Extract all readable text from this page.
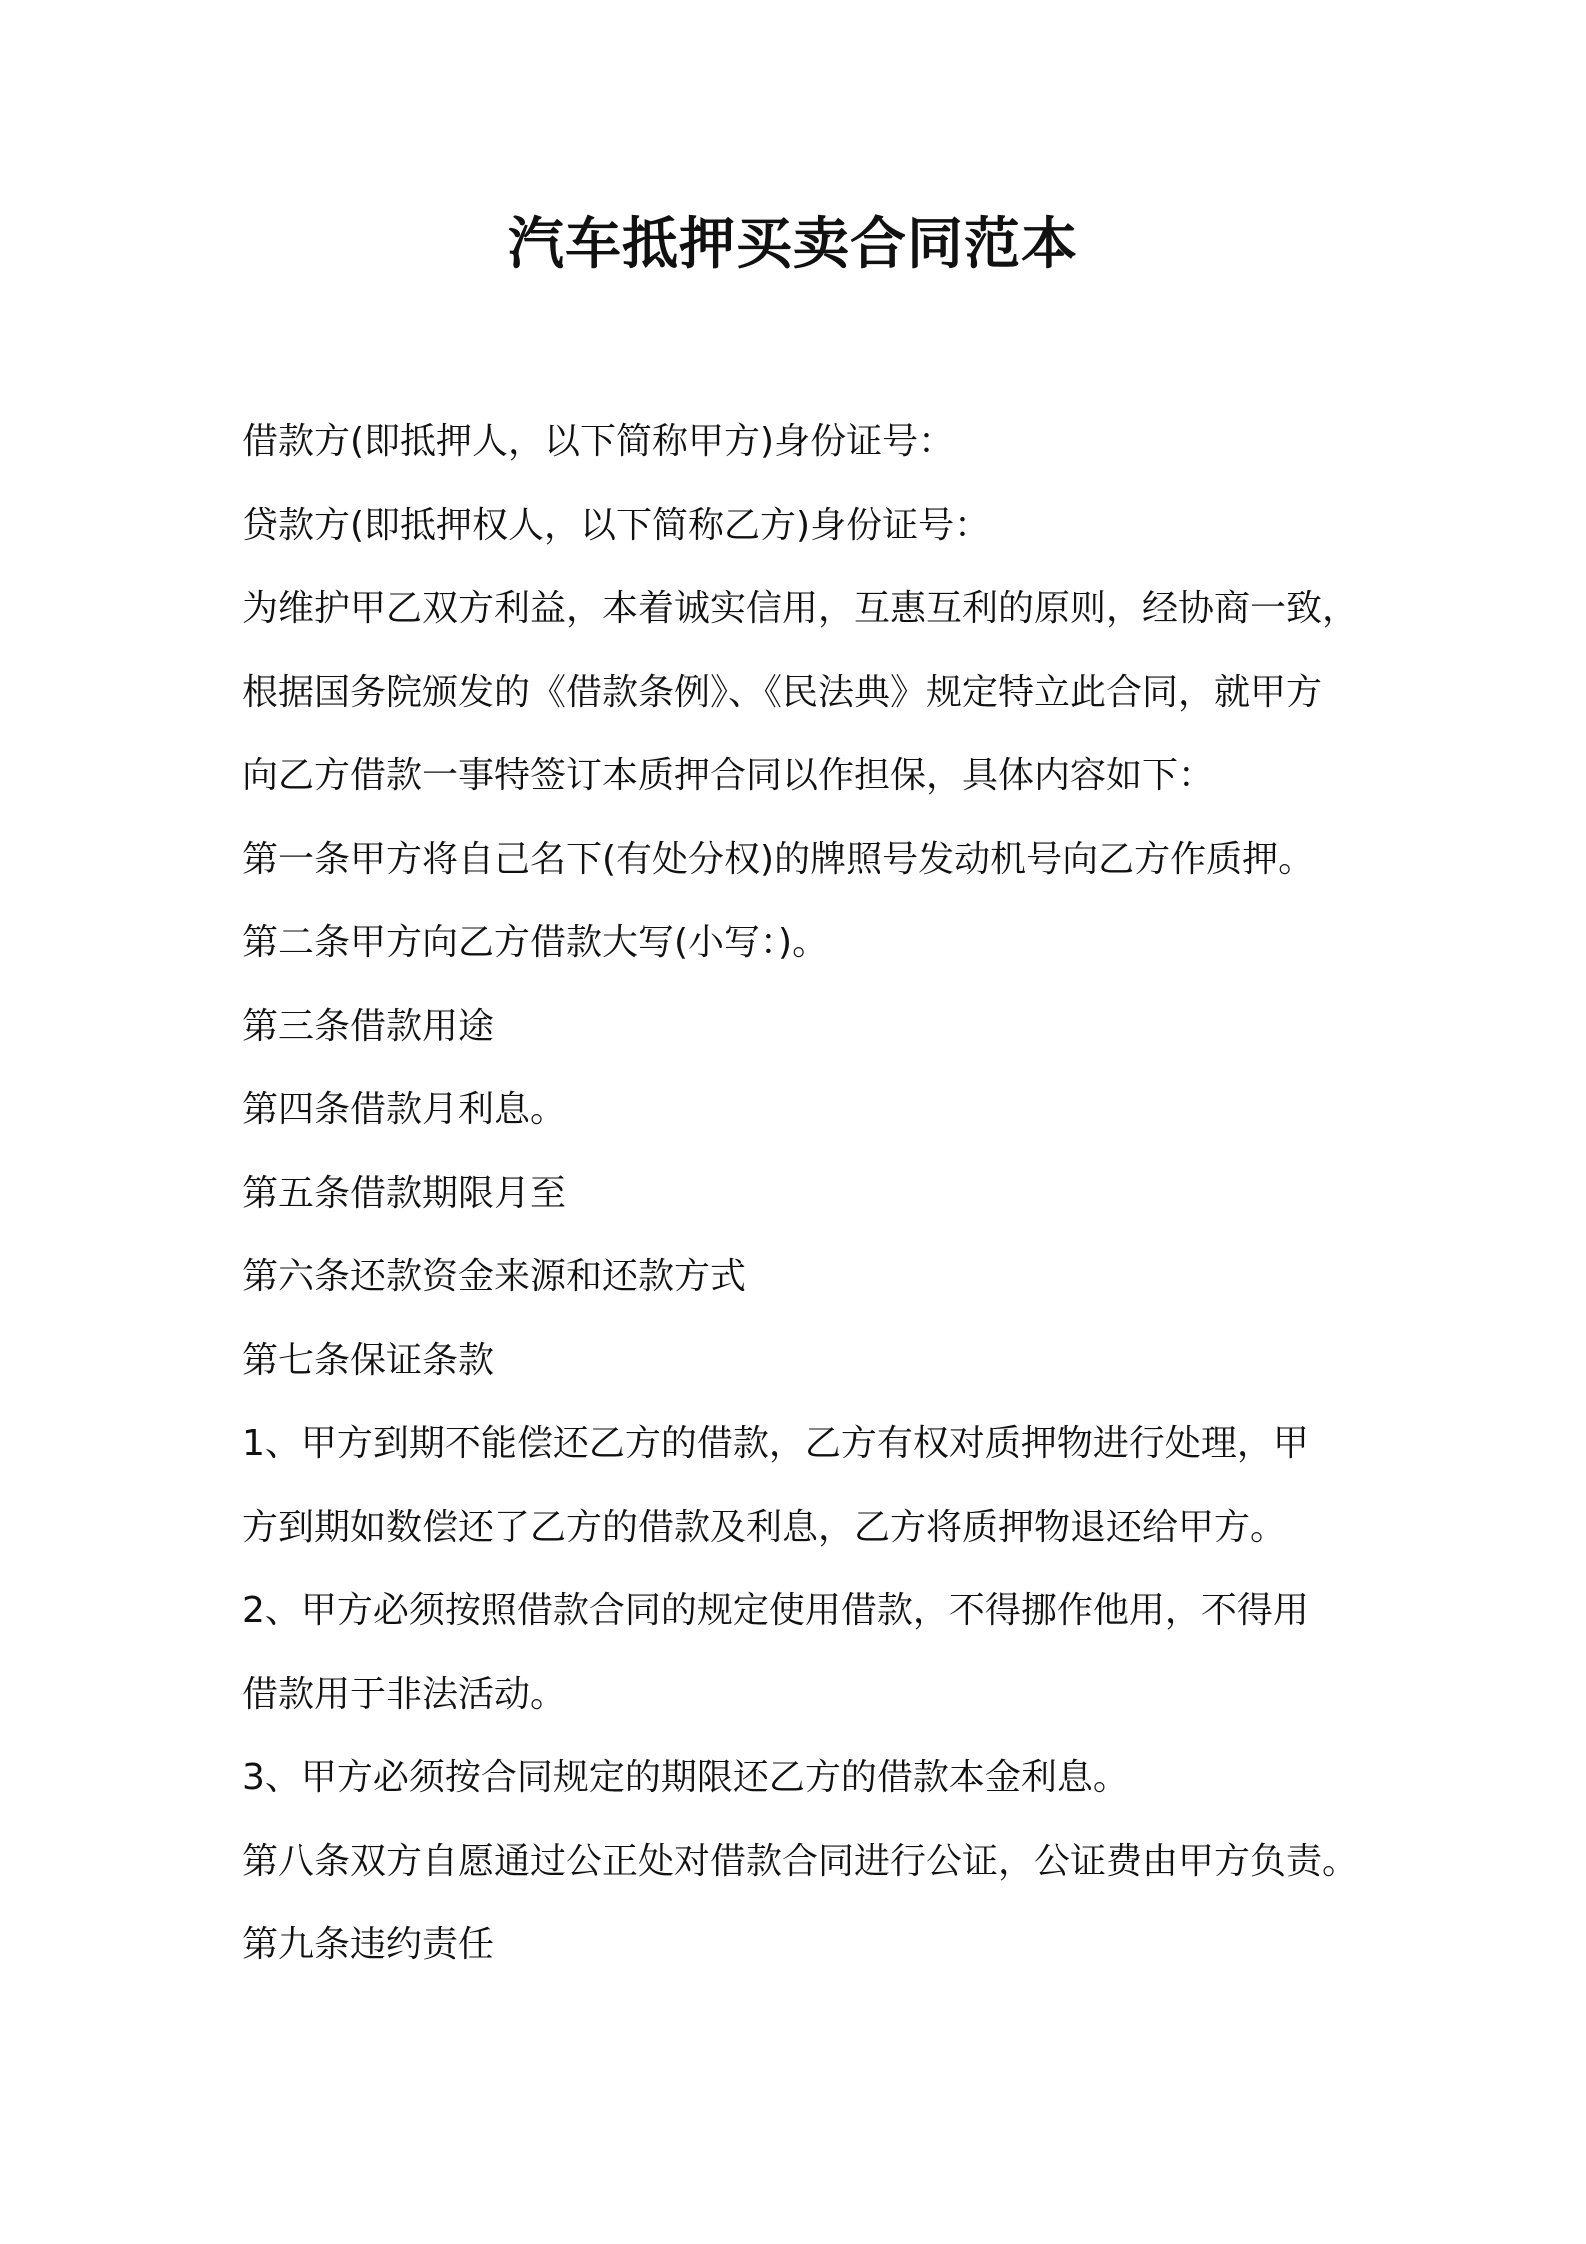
汽车抵押买卖合同范本

借款方(即抵押人，以下简称甲方)身份证号：

贷款方(即抵押权人，以下简称乙方)身份证号：

为维护甲乙双方利益，本着诚实信用，互惠互利的原则，经协商一致，

根据国务院颁发的《借款条例》、《民法典》规定特立此合同，就甲方

向乙方借款一事特签订本质押合同以作担保，具体内容如下：

第一条甲方将自己名下(有处分权)的牌照号发动机号向乙方作质押。

第二条甲方向乙方借款大写(小写：)。

第三条借款用途

第四条借款月利息。

第五条借款期限月至

第六条还款资金来源和还款方式

第七条保证条款

1、甲方到期不能偿还乙方的借款，乙方有权对质押物进行处理，甲

方到期如数偿还了乙方的借款及利息，乙方将质押物退还给甲方。

2、甲方必须按照借款合同的规定使用借款，不得挪作他用，不得用

借款用于非法活动。

3、甲方必须按合同规定的期限还乙方的借款本金利息。

第八条双方自愿通过公正处对借款合同进行公证，公证费由甲方负责。

第九条违约责任
